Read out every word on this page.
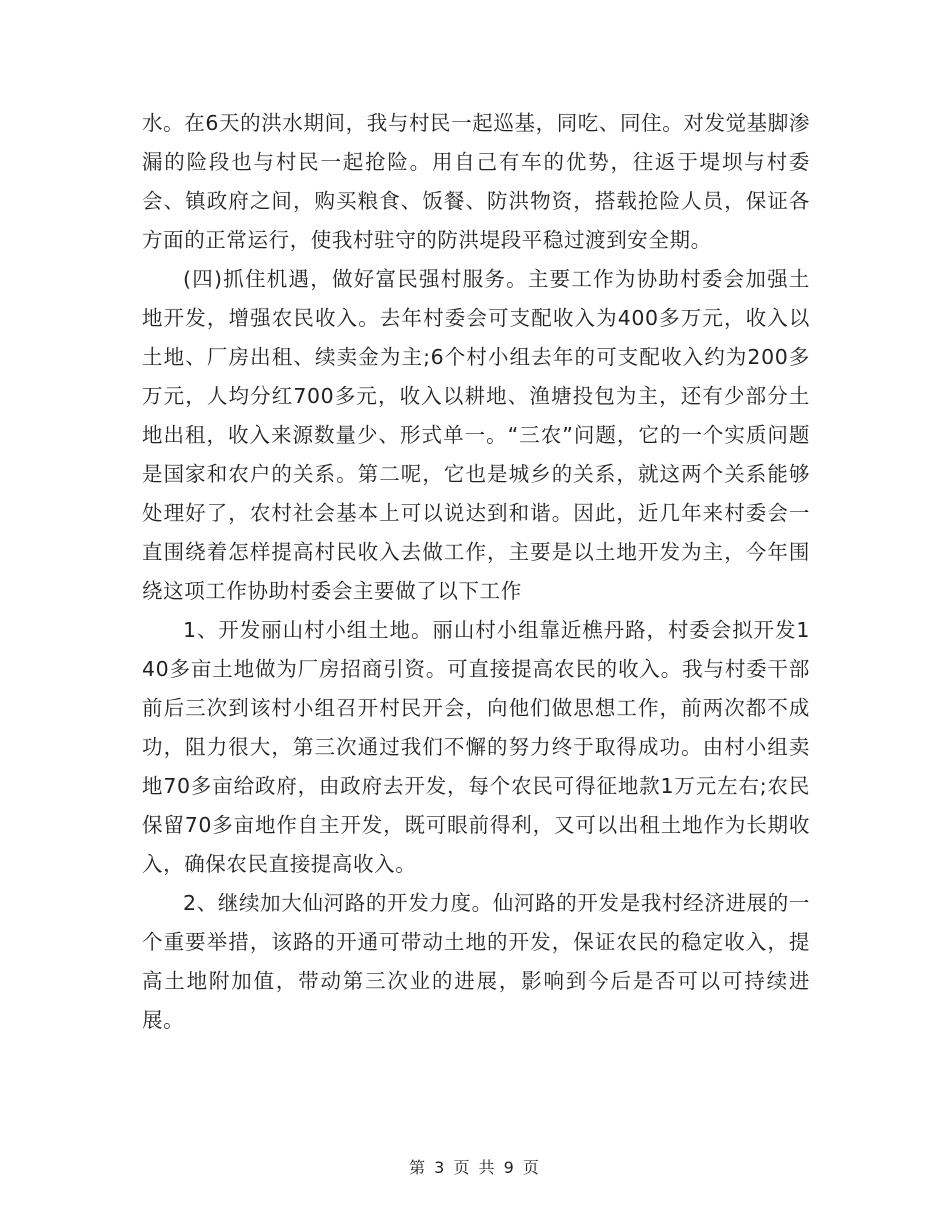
水。在6天的洪水期间，我与村民一起巡基，同吃、同住。对发觉基脚渗漏的险段也与村民一起抢险。用自己有车的优势，往返于堤坝与村委会、镇政府之间，购买粮食、饭餐、防洪物资，搭载抢险人员，保证各方面的正常运行，使我村驻守的防洪堤段平稳过渡到安全期。

(四)抓住机遇，做好富民强村服务。主要工作为协助村委会加强土地开发，增强农民收入。去年村委会可支配收入为400多万元，收入以土地、厂房出租、续卖金为主;6个村小组去年的可支配收入约为200多万元，人均分红700多元，收入以耕地、渔塘投包为主，还有少部分土地出租，收入来源数量少、形式单一。“三农”问题，它的一个实质问题是国家和农户的关系。第二呢，它也是城乡的关系，就这两个关系能够处理好了，农村社会基本上可以说达到和谐。因此，近几年来村委会一直围绕着怎样提高村民收入去做工作，主要是以土地开发为主，今年围绕这项工作协助村委会主要做了以下工作

1、开发丽山村小组土地。丽山村小组靠近樵丹路，村委会拟开发140多亩土地做为厂房招商引资。可直接提高农民的收入。我与村委干部前后三次到该村小组召开村民开会，向他们做思想工作，前两次都不成功，阻力很大，第三次通过我们不懈的努力终于取得成功。由村小组卖地70多亩给政府，由政府去开发，每个农民可得征地款1万元左右;农民保留70多亩地作自主开发，既可眼前得利，又可以出租土地作为长期收入，确保农民直接提高收入。

2、继续加大仙河路的开发力度。仙河路的开发是我村经济进展的一个重要举措，该路的开通可带动土地的开发，保证农民的稳定收入，提高土地附加值，带动第三次业的进展，影响到今后是否可以可持续进展。

第 3 页 共 9 页
